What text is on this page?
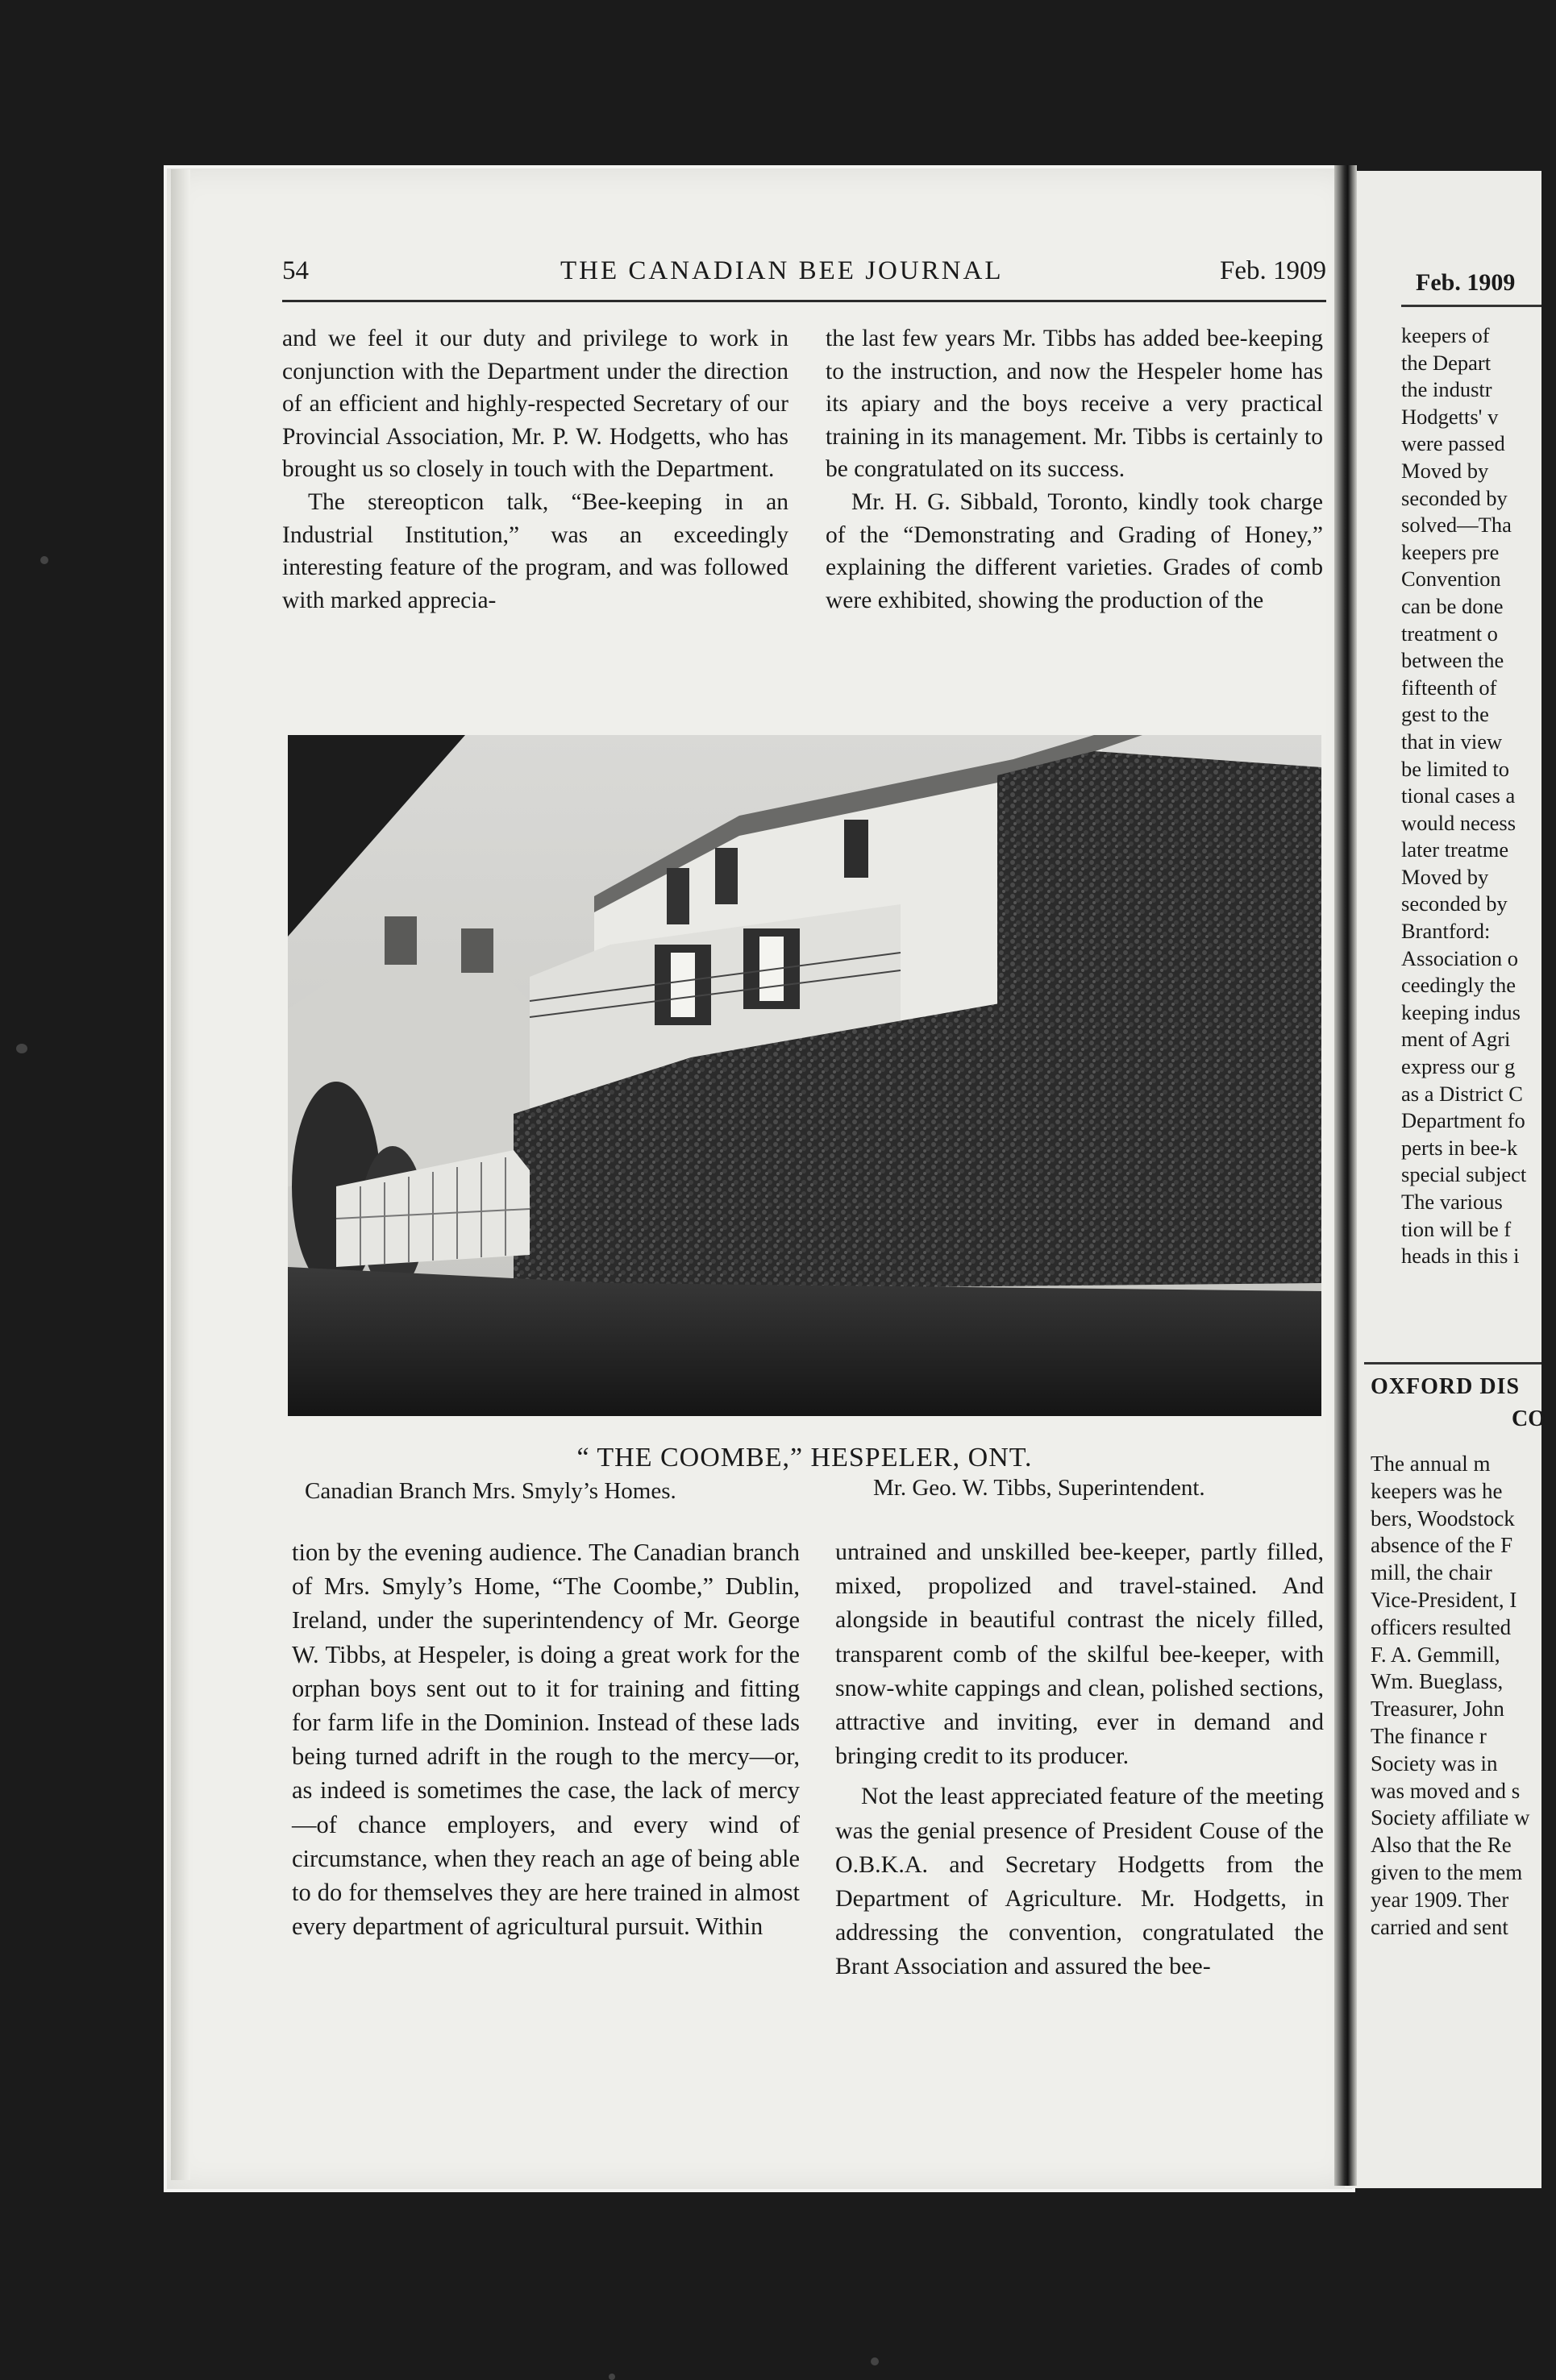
54	THE CANADIAN BEE JOURNAL	Feb. 1909

and we feel it our duty and privilege to work in conjunction with the Department under the direction of an efficient and highly-respected Secretary of our Provincial Association, Mr. P. W. Hodgetts, who has brought us so closely in touch with the Department.

The stereopticon talk, “Bee-keeping in an Industrial Institution,” was an exceedingly interesting feature of the program, and was followed with marked apprecia-

the last few years Mr. Tibbs has added bee-keeping to the instruction, and now the Hespeler home has its apiary and the boys receive a very practical training in its management. Mr. Tibbs is certainly to be congratulated on its success.

Mr. H. G. Sibbald, Toronto, kindly took charge of the “Demonstrating and Grading of Honey,” explaining the different varieties. Grades of comb were exhibited, showing the production of the

“ THE COOMBE,” HESPELER, ONT.
Canadian Branch Mrs. Smyly’s Homes.	Mr. Geo. W. Tibbs, Superintendent.

tion by the evening audience. The Canadian branch of Mrs. Smyly’s Home, “The Coombe,” Dublin, Ireland, under the superintendency of Mr. George W. Tibbs, at Hespeler, is doing a great work for the orphan boys sent out to it for training and fitting for farm life in the Dominion. Instead of these lads being turned adrift in the rough to the mercy—or, as indeed is sometimes the case, the lack of mercy—of chance employers, and every wind of circumstance, when they reach an age of being able to do for themselves they are here trained in almost every department of agricultural pursuit. Within

untrained and unskilled bee-keeper, partly filled, mixed, propolized and travel-stained. And alongside in beautiful contrast the nicely filled, transparent comb of the skilful bee-keeper, with snow-white cappings and clean, polished sections, attractive and inviting, ever in demand and bringing credit to its producer.

Not the least appreciated feature of the meeting was the genial presence of President Couse of the O.B.K.A. and Secretary Hodgetts from the Department of Agriculture. Mr. Hodgetts, in addressing the convention, congratulated the Brant Association and assured the bee-

Feb. 1909
keepers of
the Depart
the industr
Hodgetts' v
were passed
Moved by
seconded by
solved—Tha
keepers pre
Convention
can be done
treatment o
between the
fifteenth of
gest to the
that in view
be limited to
tional cases a
would necess
later treatme
Moved by
seconded by
Brantford:
Association o
ceedingly the
keeping indus
ment of Agri
express our g
as a District C
Department fo
perts in bee-k
special subject
The various
tion will be f
heads in this i
OXFORD DIS
CO
The annual m
keepers was he
bers, Woodstock
absence of the F
mill, the chair
Vice-President, I
officers resulted
F. A. Gemmill,
Wm. Bueglass,
Treasurer, John
The finance r
Society was in
was moved and s
Society affiliate w
Also that the Re
given to the mem
year 1909. Ther
carried and sent
